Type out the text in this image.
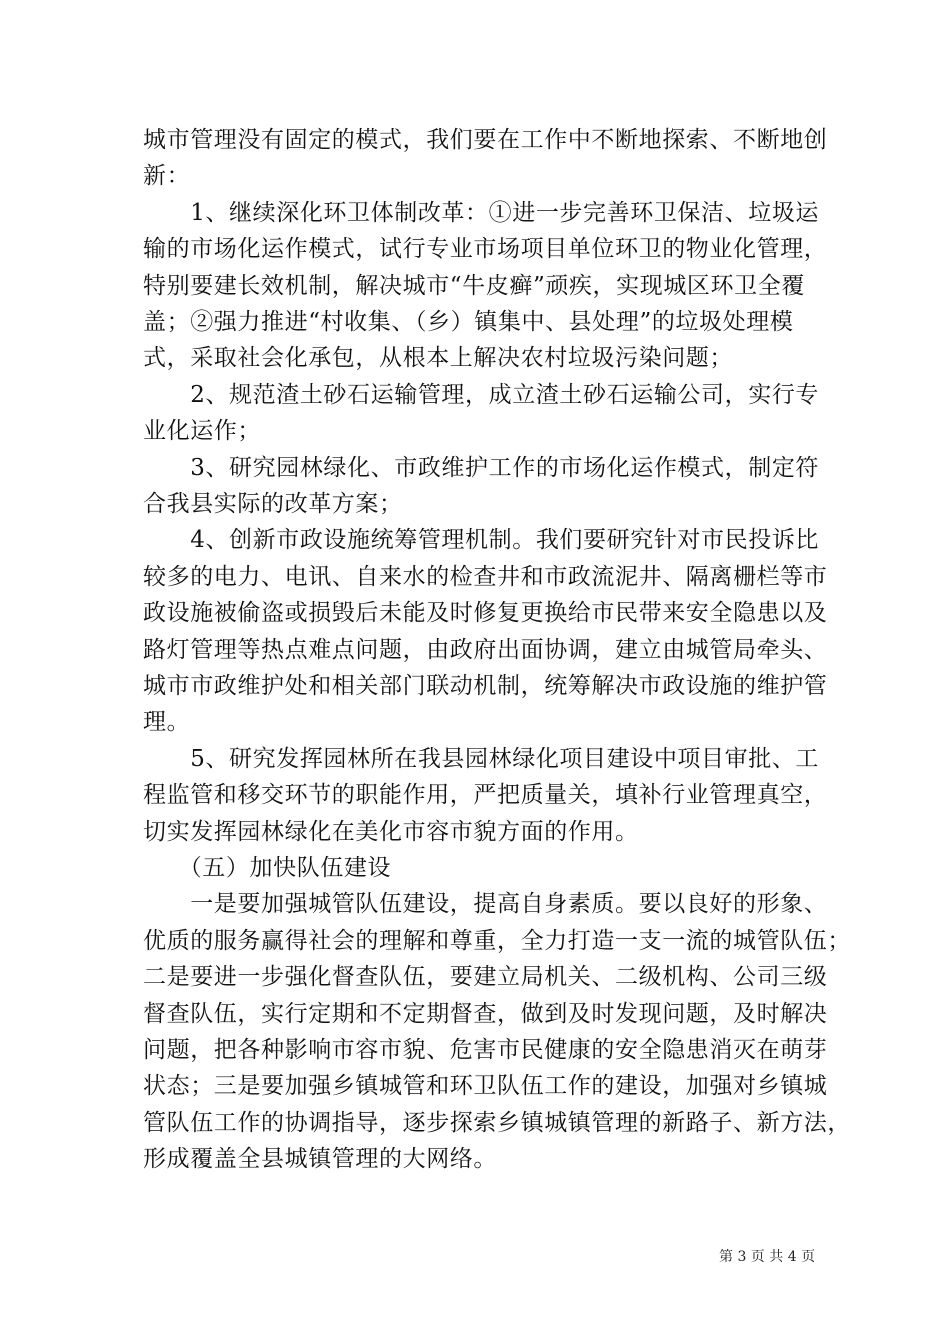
城市管理没有固定的模式，我们要在工作中不断地探索、不断地创
新：
　　1、继续深化环卫体制改革：①进一步完善环卫保洁、垃圾运
输的市场化运作模式，试行专业市场项目单位环卫的物业化管理，
特别要建长效机制，解决城市“牛皮癣”顽疾，实现城区环卫全覆
盖；②强力推进“村收集、（乡）镇集中、县处理”的垃圾处理模
式，采取社会化承包，从根本上解决农村垃圾污染问题；
　　2、规范渣土砂石运输管理，成立渣土砂石运输公司，实行专
业化运作；
　　3、研究园林绿化、市政维护工作的市场化运作模式，制定符
合我县实际的改革方案；
　　4、创新市政设施统筹管理机制。我们要研究针对市民投诉比
较多的电力、电讯、自来水的检查井和市政流泥井、隔离栅栏等市
政设施被偷盗或损毁后未能及时修复更换给市民带来安全隐患以及
路灯管理等热点难点问题，由政府出面协调，建立由城管局牵头、
城市市政维护处和相关部门联动机制，统筹解决市政设施的维护管
理。
　　5、研究发挥园林所在我县园林绿化项目建设中项目审批、工
程监管和移交环节的职能作用，严把质量关，填补行业管理真空，
切实发挥园林绿化在美化市容市貌方面的作用。
　　（五）加快队伍建设
　　一是要加强城管队伍建设，提高自身素质。要以良好的形象、
优质的服务赢得社会的理解和尊重，全力打造一支一流的城管队伍；
二是要进一步强化督查队伍，要建立局机关、二级机构、公司三级
督查队伍，实行定期和不定期督查，做到及时发现问题，及时解决
问题，把各种影响市容市貌、危害市民健康的安全隐患消灭在萌芽
状态；三是要加强乡镇城管和环卫队伍工作的建设，加强对乡镇城
管队伍工作的协调指导，逐步探索乡镇城镇管理的新路子、新方法，
形成覆盖全县城镇管理的大网络。
第 3 页 共 4 页
